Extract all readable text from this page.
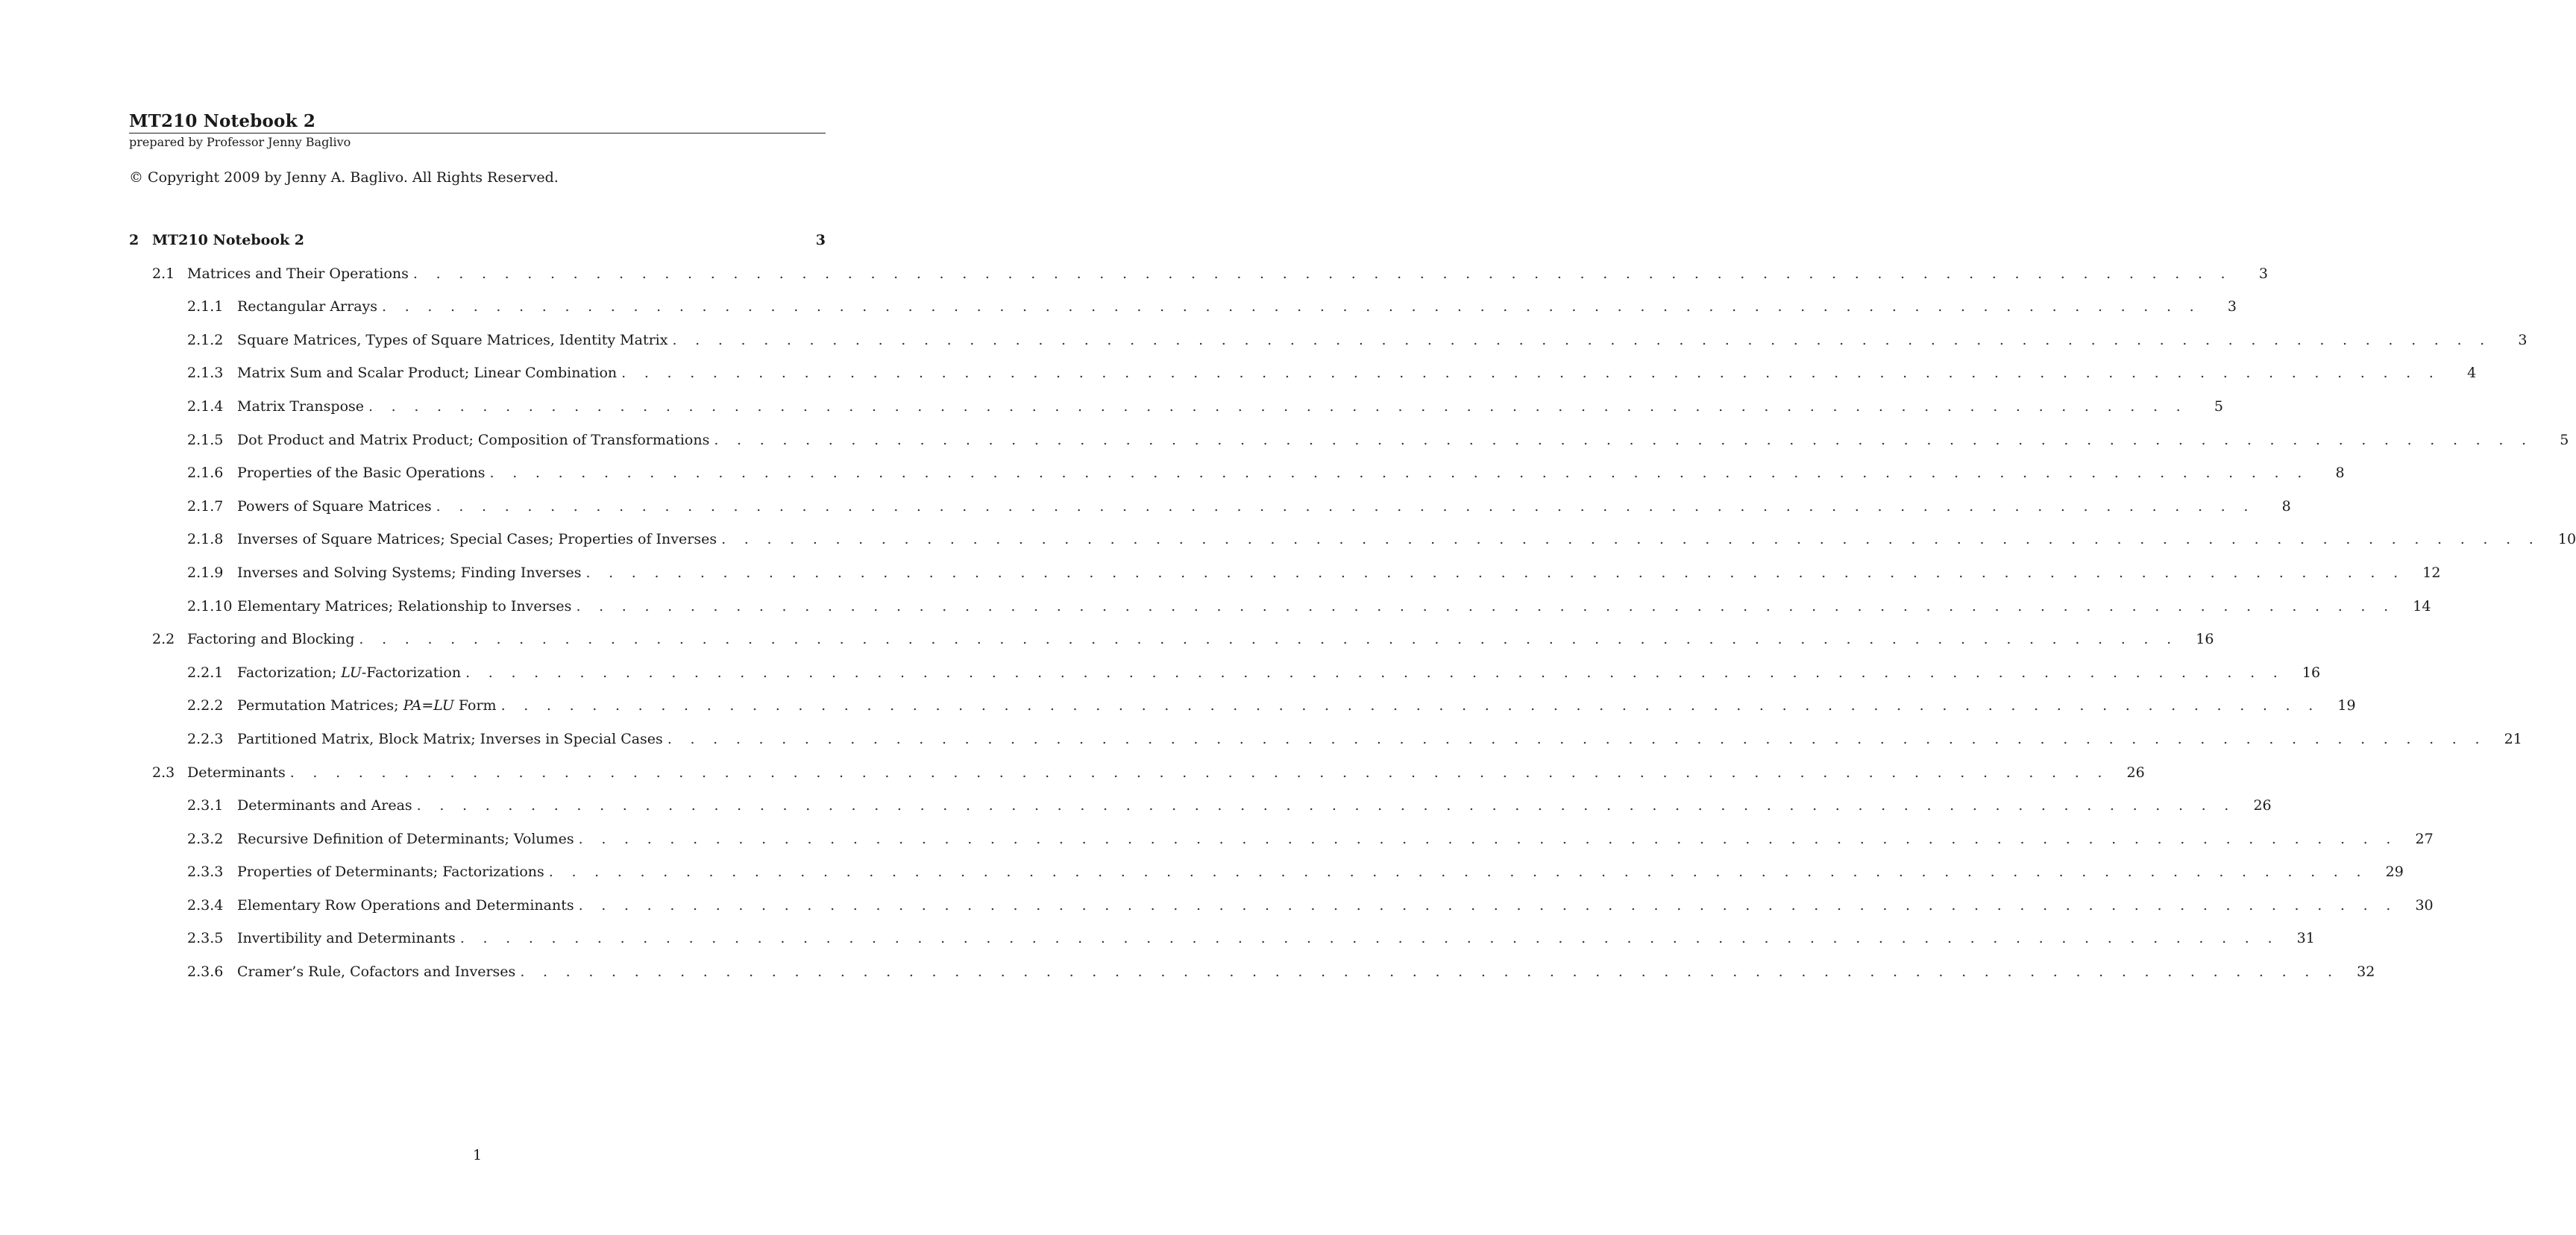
MT210 Notebook 2
prepared by Professor Jenny Baglivo
© Copyright 2009 by Jenny A. Baglivo. All Rights Reserved.
2 MT210 Notebook 2	3
2.1 Matrices and Their Operations . . . . . . . . . . . . . . . . . . . . . . . . . . . . . . . . . . . . . . . . . . . . . . . . . . . . . . . . . . . . . . . . . . . . . . . . . . . . . . . .	3
2.1.1 Rectangular Arrays . . . . . . . . . . . . . . . . . . . . . . . . . . . . . . . . . . . . . . . . . . . . . . . . . . . . . . . . . . . . . . . . . . . . . . . . . . . . . . . .	3
2.1.2 Square Matrices, Types of Square Matrices, Identity Matrix . . . . . . . . . . . . . . . . . . . . . . . . . . . . . . . . . . . . . . . . . . . . . . . . . . . . . . . . . . . . . . . . . . . . . . . . . . . . . . . .	3
2.1.3 Matrix Sum and Scalar Product; Linear Combination . . . . . . . . . . . . . . . . . . . . . . . . . . . . . . . . . . . . . . . . . . . . . . . . . . . . . . . . . . . . . . . . . . . . . . . . . . . . . . . .	4
2.1.4 Matrix Transpose . . . . . . . . . . . . . . . . . . . . . . . . . . . . . . . . . . . . . . . . . . . . . . . . . . . . . . . . . . . . . . . . . . . . . . . . . . . . . . . .	5
2.1.5 Dot Product and Matrix Product; Composition of Transformations . . . . . . . . . . . . . . . . . . . . . . . . . . . . . . . . . . . . . . . . . . . . . . . . . . . . . . . . . . . . . . . . . . . . . . . . . . . . . . . .	5
2.1.6 Properties of the Basic Operations . . . . . . . . . . . . . . . . . . . . . . . . . . . . . . . . . . . . . . . . . . . . . . . . . . . . . . . . . . . . . . . . . . . . . . . . . . . . . . . .	8
2.1.7 Powers of Square Matrices . . . . . . . . . . . . . . . . . . . . . . . . . . . . . . . . . . . . . . . . . . . . . . . . . . . . . . . . . . . . . . . . . . . . . . . . . . . . . . . .	8
2.1.8 Inverses of Square Matrices; Special Cases; Properties of Inverses . . . . . . . . . . . . . . . . . . . . . . . . . . . . . . . . . . . . . . . . . . . . . . . . . . . . . . . . . . . . . . . . . . . . . . . . . . . . . . . .	10
2.1.9 Inverses and Solving Systems; Finding Inverses . . . . . . . . . . . . . . . . . . . . . . . . . . . . . . . . . . . . . . . . . . . . . . . . . . . . . . . . . . . . . . . . . . . . . . . . . . . . . . . .	12
2.1.10 Elementary Matrices; Relationship to Inverses . . . . . . . . . . . . . . . . . . . . . . . . . . . . . . . . . . . . . . . . . . . . . . . . . . . . . . . . . . . . . . . . . . . . . . . . . . . . . . . .	14
2.2 Factoring and Blocking . . . . . . . . . . . . . . . . . . . . . . . . . . . . . . . . . . . . . . . . . . . . . . . . . . . . . . . . . . . . . . . . . . . . . . . . . . . . . . . .	16
2.2.1 Factorization; LU-Factorization . . . . . . . . . . . . . . . . . . . . . . . . . . . . . . . . . . . . . . . . . . . . . . . . . . . . . . . . . . . . . . . . . . . . . . . . . . . . . . . .	16
2.2.2 Permutation Matrices; PA=LU Form . . . . . . . . . . . . . . . . . . . . . . . . . . . . . . . . . . . . . . . . . . . . . . . . . . . . . . . . . . . . . . . . . . . . . . . . . . . . . . . .	19
2.2.3 Partitioned Matrix, Block Matrix; Inverses in Special Cases . . . . . . . . . . . . . . . . . . . . . . . . . . . . . . . . . . . . . . . . . . . . . . . . . . . . . . . . . . . . . . . . . . . . . . . . . . . . . . . .	21
2.3 Determinants . . . . . . . . . . . . . . . . . . . . . . . . . . . . . . . . . . . . . . . . . . . . . . . . . . . . . . . . . . . . . . . . . . . . . . . . . . . . . . . .	26
2.3.1 Determinants and Areas . . . . . . . . . . . . . . . . . . . . . . . . . . . . . . . . . . . . . . . . . . . . . . . . . . . . . . . . . . . . . . . . . . . . . . . . . . . . . . . .	26
2.3.2 Recursive Definition of Determinants; Volumes . . . . . . . . . . . . . . . . . . . . . . . . . . . . . . . . . . . . . . . . . . . . . . . . . . . . . . . . . . . . . . . . . . . . . . . . . . . . . . . .	27
2.3.3 Properties of Determinants; Factorizations . . . . . . . . . . . . . . . . . . . . . . . . . . . . . . . . . . . . . . . . . . . . . . . . . . . . . . . . . . . . . . . . . . . . . . . . . . . . . . . .	29
2.3.4 Elementary Row Operations and Determinants . . . . . . . . . . . . . . . . . . . . . . . . . . . . . . . . . . . . . . . . . . . . . . . . . . . . . . . . . . . . . . . . . . . . . . . . . . . . . . . .	30
2.3.5 Invertibility and Determinants . . . . . . . . . . . . . . . . . . . . . . . . . . . . . . . . . . . . . . . . . . . . . . . . . . . . . . . . . . . . . . . . . . . . . . . . . . . . . . . .	31
2.3.6 Cramer’s Rule, Cofactors and Inverses . . . . . . . . . . . . . . . . . . . . . . . . . . . . . . . . . . . . . . . . . . . . . . . . . . . . . . . . . . . . . . . . . . . . . . . . . . . . . . . .	32
1
